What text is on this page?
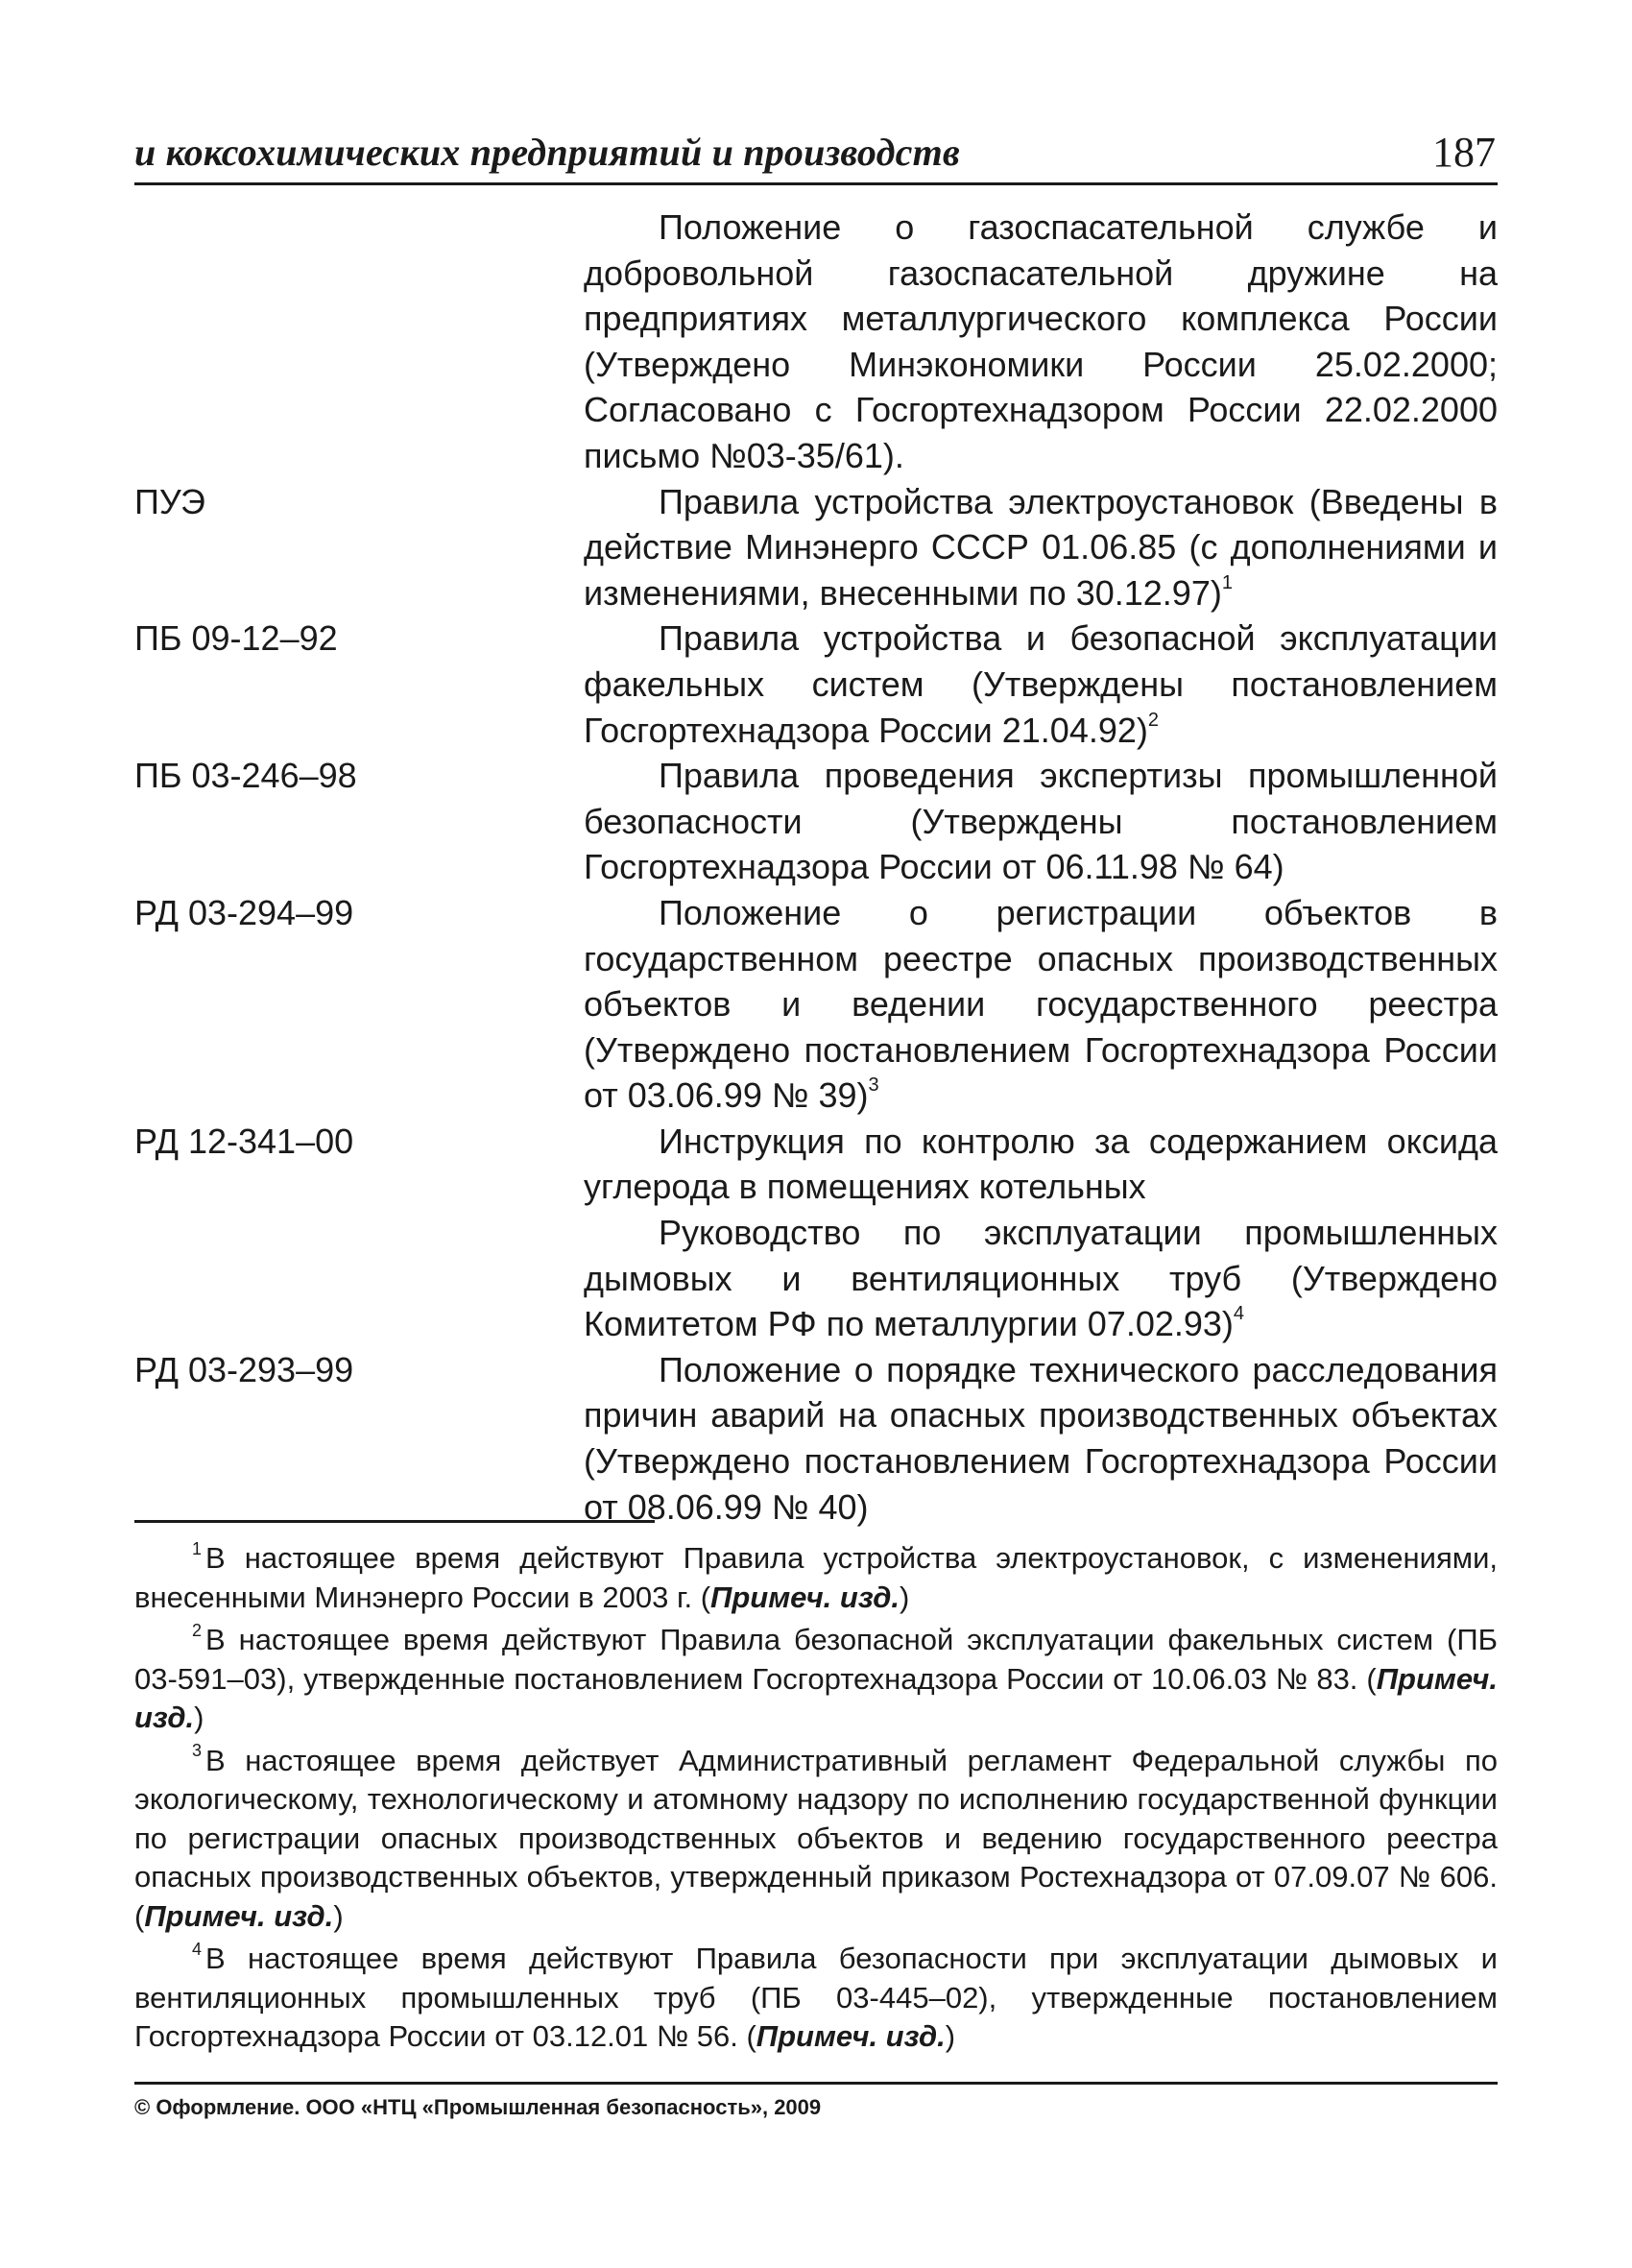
и коксохимических предприятий и производств	187
Положение о газоспасательной службе и добровольной газоспасательной дружине на предприятиях металлургического комплекса России (Утверждено Минэкономики России 25.02.2000; Согласовано с Госгортехнадзором России 22.02.2000 письмо №03-35/61).
ПУЭ	Правила устройства электроустановок (Введены в действие Минэнерго СССР 01.06.85 (с дополнениями и изменениями, внесенными по 30.12.97)$^1$
ПБ 09-12–92	Правила устройства и безопасной эксплуатации факельных систем (Утверждены постановлением Госгортехнадзора России 21.04.92)$^2$
ПБ 03-246–98	Правила проведения экспертизы промышленной безопасности (Утверждены постановлением Госгортехнадзора России от 06.11.98 № 64)
РД 03-294–99	Положение о регистрации объектов в государственном реестре опасных производственных объектов и ведении государственного реестра (Утверждено постановлением Госгортехнадзора России от 03.06.99 № 39)$^3$
РД 12-341–00	Инструкция по контролю за содержанием оксида углерода в помещениях котельных
Руководство по эксплуатации промышленных дымовых и вентиляционных труб (Утверждено Комитетом РФ по металлургии 07.02.93)$^4$
РД 03-293–99	Положение о порядке технического расследования причин аварий на опасных производственных объектах (Утверждено постановлением Госгортехнадзора России от 08.06.99 № 40)
$^1$ В настоящее время действуют Правила устройства электроустановок, с изменениями, внесенными Минэнерго России в 2003 г. (Примеч. изд.)
$^2$ В настоящее время действуют Правила безопасной эксплуатации факельных систем (ПБ 03-591–03), утвержденные постановлением Госгортехнадзора России от 10.06.03 № 83. (Примеч. изд.)
$^3$ В настоящее время действует Административный регламент Федеральной службы по экологическому, технологическому и атомному надзору по исполнению государственной функции по регистрации опасных производственных объектов и ведению государственного реестра опасных производственных объектов, утвержденный приказом Ростехнадзора от 07.09.07 № 606. (Примеч. изд.)
$^4$ В настоящее время действуют Правила безопасности при эксплуатации дымовых и вентиляционных промышленных труб (ПБ 03-445–02), утвержденные постановлением Госгортехнадзора России от 03.12.01 № 56. (Примеч. изд.)
© Оформление. ООО «НТЦ «Промышленная безопасность», 2009
